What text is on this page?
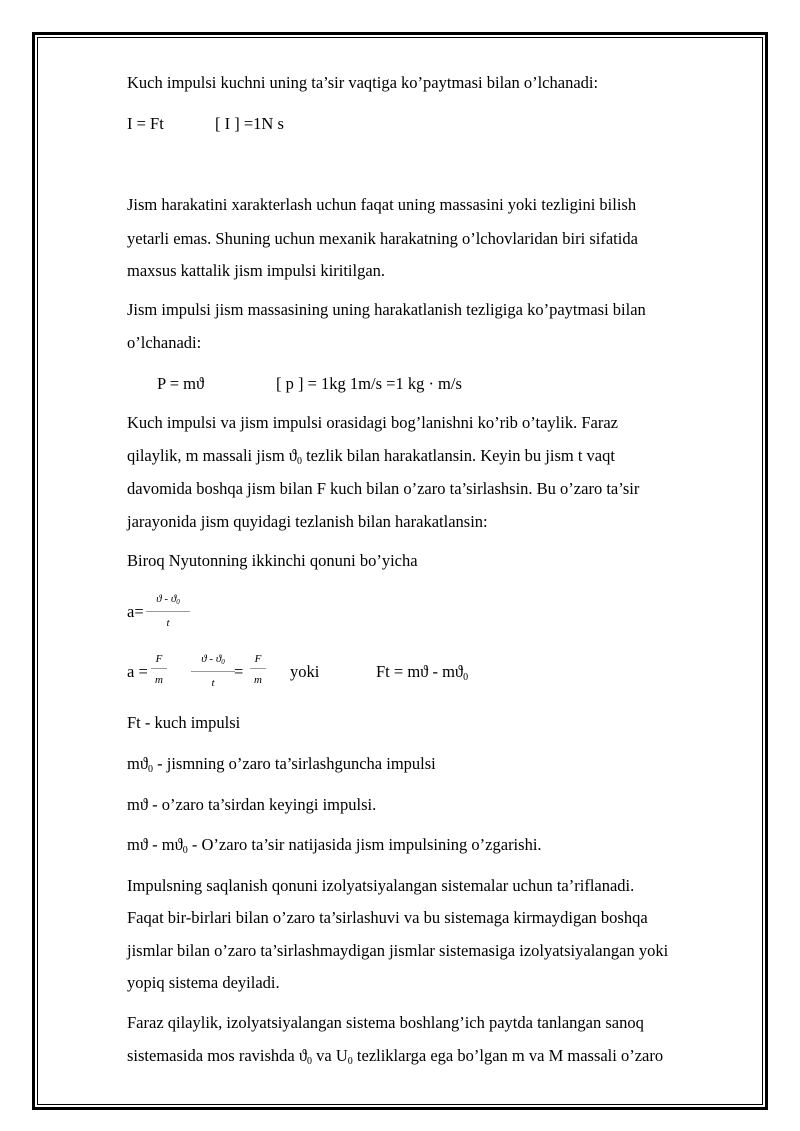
Kuch impulsi kuchni uning ta’sir vaqtiga ko’paytmasi bilan o’lchanadi:
I = Ft	[ I ] =1N s
Jism harakatini xarakterlash uchun faqat uning massasini yoki tezligini bilish
yetarli emas. Shuning uchun mexanik harakatning o’lchovlaridan biri sifatida
maxsus kattalik jism impulsi kiritilgan.
Jism impulsi jism massasining uning harakatlanish tezligiga ko’paytmasi bilan
o’lchanadi:
P = mϑ	[ p ] = 1kg 1m/s =1 kg · m/s
Kuch impulsi va jism impulsi orasidagi bog’lanishni ko’rib o’taylik. Faraz
qilaylik, m massali jism $ϑ_0$ tezlik bilan harakatlansin. Keyin bu jism t vaqt
davomida boshqa jism bilan F kuch bilan o’zaro ta’sirlashsin. Bu o’zaro ta’sir
jarayonida jism quyidagi tezlanish bilan harakatlansin:
Biroq Nyutonning ikkinchi qonuni bo’yicha
a=
ϑ - $ϑ_0$
t
a =
F
m
ϑ - $ϑ_0$
t
=
F
m yoki	$Ft = mϑ - mϑ_0$
Ft - kuch impulsi
$mϑ_0$ - jismning o’zaro ta’sirlashguncha impulsi
mϑ - o’zaro ta’sirdan keyingi impulsi.
mϑ - $mϑ_0$ - O’zaro ta’sir natijasida jism impulsining o’zgarishi.
Impulsning saqlanish qonuni izolyatsiyalangan sistemalar uchun ta’riflanadi.
Faqat bir-birlari bilan o’zaro ta’sirlashuvi va bu sistemaga kirmaydigan boshqa
jismlar bilan o’zaro ta’sirlashmaydigan jismlar sistemasiga izolyatsiyalangan yoki
yopiq sistema deyiladi.
Faraz qilaylik, izolyatsiyalangan sistema boshlang’ich paytda tanlangan sanoq
sistemasida mos ravishda $ϑ_0$ va $U_0$ tezliklarga ega bo’lgan m va M massali o’zaro
